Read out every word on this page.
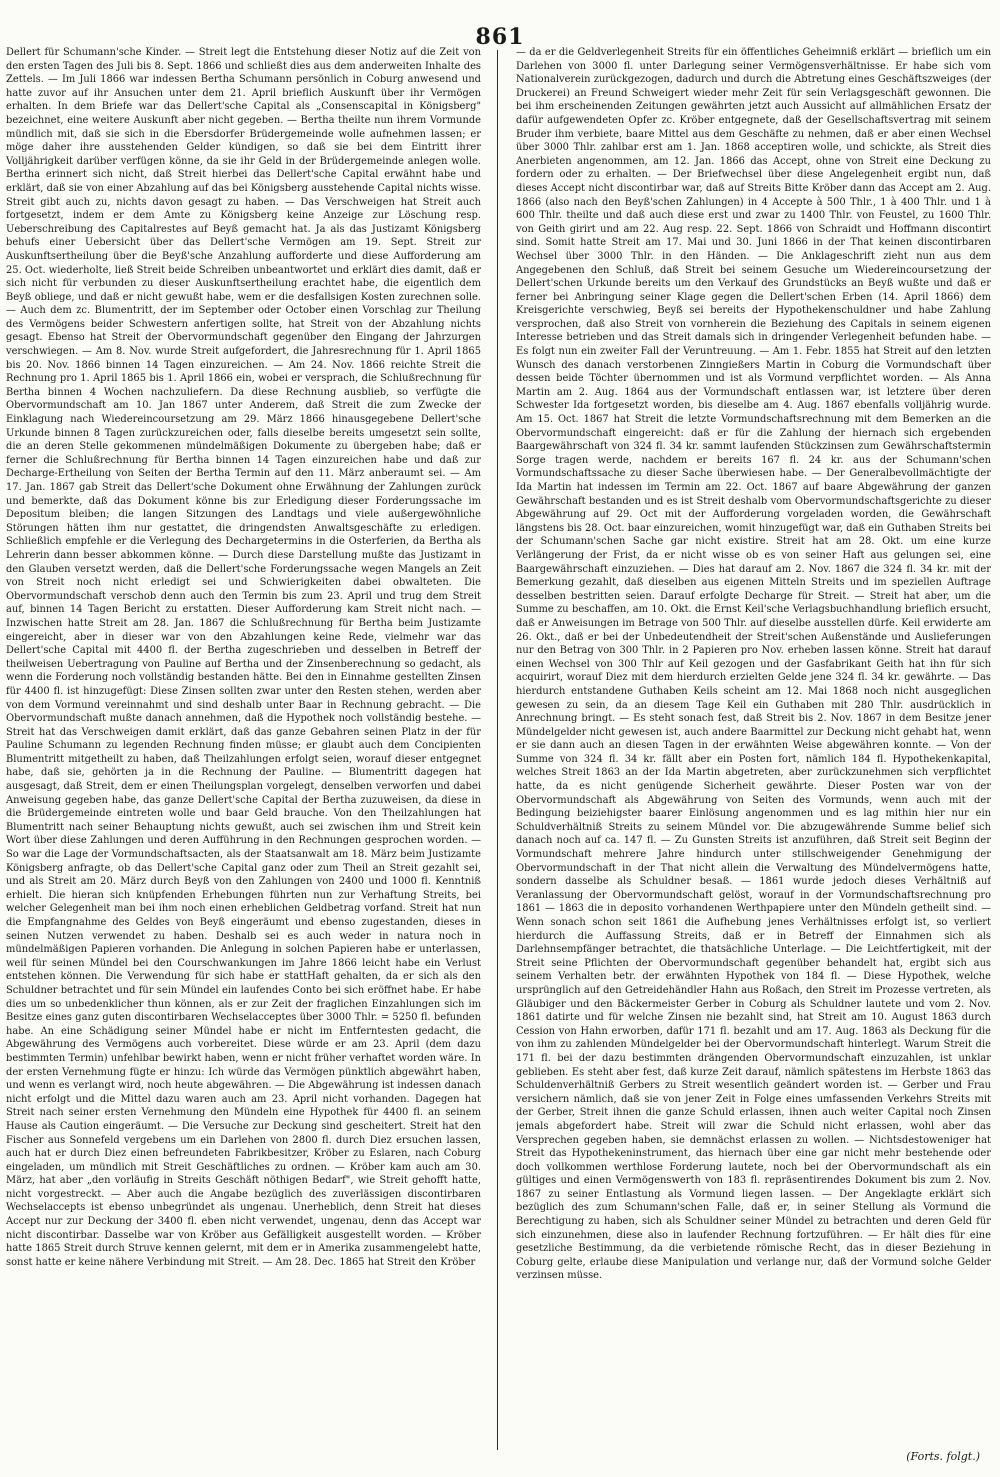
861

Dellert für Schumann'sche Kinder. — Streit legt die Entstehung dieser Notiz auf die Zeit von den ersten Tagen des Juli bis 8. Sept. 1866 und schließt dies aus dem anderweiten Inhalte des Zettels. — Im Juli 1866 war indessen Bertha Schumann persönlich in Coburg anwesend und hatte zuvor auf ihr Ansuchen unter dem 21. April brieflich Auskunft über ihr Vermögen erhalten. In dem Briefe war das Dellert'sche Capital als „Consenscapital in Königsberg" bezeichnet, eine weitere Auskunft aber nicht gegeben. — Bertha theilte nun ihrem Vormunde mündlich mit, daß sie sich in die Ebersdorfer Brüdergemeinde wolle aufnehmen lassen; er möge daher ihre ausstehenden Gelder kündigen, so daß sie bei dem Eintritt ihrer Volljährigkeit darüber verfügen könne, da sie ihr Geld in der Brüdergemeinde anlegen wolle. Bertha erinnert sich nicht, daß Streit hierbei das Dellert'sche Capital erwähnt habe und erklärt, daß sie von einer Abzahlung auf das bei Königsberg ausstehende Capital nichts wisse. Streit gibt auch zu, nichts davon gesagt zu haben. — Das Verschweigen hat Streit auch fortgesetzt, indem er dem Amte zu Königsberg keine Anzeige zur Löschung resp. Ueberschreibung des Capitalrestes auf Beyß gemacht hat. Ja als das Justizamt Königsberg behufs einer Uebersicht über das Dellert'sche Vermögen am 19. Sept. Streit zur Auskunftsertheilung über die Beyß'sche Anzahlung aufforderte und diese Aufforderung am 25. Oct. wiederholte, ließ Streit beide Schreiben unbeantwortet und erklärt dies damit, daß er sich nicht für verbunden zu dieser Auskunftsertheilung erachtet habe, die eigentlich dem Beyß obliege, und daß er nicht gewußt habe, wem er die desfallsigen Kosten zurechnen solle. — Auch dem zc. Blumentritt, der im September oder October einen Vorschlag zur Theilung des Vermögens beider Schwestern anfertigen sollte, hat Streit von der Abzahlung nichts gesagt. Ebenso hat Streit der Obervormundschaft gegenüber den Eingang der Jahrzurgen verschwiegen. — Am 8. Nov. wurde Streit aufgefordert, die Jahresrechnung für 1. April 1865 bis 20. Nov. 1866 binnen 14 Tagen einzureichen. — Am 24. Nov. 1866 reichte Streit die Rechnung pro 1. April 1865 bis 1. April 1866 ein, wobei er versprach, die Schlußrechnung für Bertha binnen 4 Wochen nachzuliefern. Da diese Rechnung ausblieb, so verfügte die Obervormundschaft am 10. Jan 1867 unter Anderem, daß Streit die zum Zwecke der Einklagung nach Wiedereincoursetzung am 29. März 1866 hinausgegebene Dellert'sche Urkunde binnen 8 Tagen zurückzureichen oder, falls dieselbe bereits umgesetzt sein sollte, die an deren Stelle gekommenen mündelmäßigen Dokumente zu übergeben habe; daß er ferner die Schlußrechnung für Bertha binnen 14 Tagen einzureichen habe und daß zur Decharge-Ertheilung von Seiten der Bertha Termin auf den 11. März anberaumt sei. — Am 17. Jan. 1867 gab Streit das Dellert'sche Dokument ohne Erwähnung der Zahlungen zurück und bemerkte, daß das Dokument könne bis zur Erledigung dieser Forderungssache im Depositum bleiben; die langen Sitzungen des Landtags und viele außergewöhnliche Störungen hätten ihm nur gestattet, die dringendsten Anwaltsgeschäfte zu erledigen. Schließlich empfehle er die Verlegung des Dechargetermins in die Osterferien, da Bertha als Lehrerin dann besser abkommen könne. — Durch diese Darstellung mußte das Justizamt in den Glauben versetzt werden, daß die Dellert'sche Forderungssache wegen Mangels an Zeit von Streit noch nicht erledigt sei und Schwierigkeiten dabei obwalteten. Die Obervormundschaft verschob denn auch den Termin bis zum 23. April und trug dem Streit auf, binnen 14 Tagen Bericht zu erstatten. Dieser Aufforderung kam Streit nicht nach. — Inzwischen hatte Streit am 28. Jan. 1867 die Schlußrechnung für Bertha beim Justizamte eingereicht, aber in dieser war von den Abzahlungen keine Rede, vielmehr war das Dellert'sche Capital mit 4400 fl. der Bertha zugeschrieben und desselben in Betreff der theilweisen Uebertragung von Pauline auf Bertha und der Zinsenberechnung so gedacht, als wenn die Forderung noch vollständig bestanden hätte. Bei den in Einnahme gestellten Zinsen für 4400 fl. ist hinzugefügt: Diese Zinsen sollten zwar unter den Resten stehen, werden aber von dem Vormund vereinnahmt und sind deshalb unter Baar in Rechnung gebracht. — Die Obervormundschaft mußte danach annehmen, daß die Hypothek noch vollständig bestehe. — Streit hat das Verschweigen damit erklärt, daß das ganze Gebahren seinen Platz in der für Pauline Schumann zu legenden Rechnung finden müsse; er glaubt auch dem Concipienten Blumentritt mitgetheilt zu haben, daß Theilzahlungen erfolgt seien, worauf dieser entgegnet habe, daß sie, gehörten ja in die Rechnung der Pauline. — Blumentritt dagegen hat ausgesagt, daß Streit, dem er einen Theilungsplan vorgelegt, denselben verworfen und dabei Anweisung gegeben habe, das ganze Dellert'sche Capital der Bertha zuzuweisen, da diese in die Brüdergemeinde eintreten wolle und baar Geld brauche. Von den Theilzahlungen hat Blumentritt nach seiner Behauptung nichts gewußt, auch sei zwischen ihm und Streit kein Wort über diese Zahlungen und deren Aufführung in den Rechnungen gesprochen worden. — So war die Lage der Vormundschaftsacten, als der Staatsanwalt am 18. März beim Justizamte Königsberg anfragte, ob das Dellert'sche Capital ganz oder zum Theil an Streit gezahlt sei, und als Streit am 20. März durch Beyß von den Zahlungen von 2400 und 1000 fl. Kenntniß erhielt. Die hieran sich knüpfenden Erhebungen führten nun zur Verhaftung Streits, bei welcher Gelegenheit man bei ihm noch einen erheblichen Geldbetrag vorfand. Streit hat nun die Empfangnahme des Geldes von Beyß eingeräumt und ebenso zugestanden, dieses in seinen Nutzen verwendet zu haben. Deshalb sei es auch weder in natura noch in mündelmäßigen Papieren vorhanden. Die Anlegung in solchen Papieren habe er unterlassen, weil für seinen Mündel bei den Courschwankungen im Jahre 1866 leicht habe ein Verlust entstehen können. Die Verwendung für sich habe er stattHaft gehalten, da er sich als den Schuldner betrachtet und für sein Mündel ein laufendes Conto bei sich eröffnet habe. Er habe dies um so unbedenklicher thun können, als er zur Zeit der fraglichen Einzahlungen sich im Besitze eines ganz guten discontirbaren Wechselacceptes über 3000 Thlr. = 5250 fl. befunden habe. An eine Schädigung seiner Mündel habe er nicht im Entferntesten gedacht, die Abgewährung des Vermögens auch vorbereitet. Diese würde er am 23. April (dem dazu bestimmten Termin) unfehlbar bewirkt haben, wenn er nicht früher verhaftet worden wäre. In der ersten Vernehmung fügte er hinzu: Ich würde das Vermögen pünktlich abgewährt haben, und wenn es verlangt wird, noch heute abgewähren. — Die Abgewährung ist indessen danach nicht erfolgt und die Mittel dazu waren auch am 23. April nicht vorhanden. Dagegen hat Streit nach seiner ersten Vernehmung den Mündeln eine Hypothek für 4400 fl. an seinem Hause als Caution eingeräumt. — Die Versuche zur Deckung sind gescheitert. Streit hat den Fischer aus Sonnefeld vergebens um ein Darlehen von 2800 fl. durch Diez ersuchen lassen, auch hat er durch Diez einen befreundeten Fabrikbesitzer, Kröber zu Eslaren, nach Coburg eingeladen, um mündlich mit Streit Geschäftliches zu ordnen. — Kröber kam auch am 30. März, hat aber „den vorläufig in Streits Geschäft nöthigen Bedarf", wie Streit gehofft hatte, nicht vorgestreckt. — Aber auch die Angabe bezüglich des zuverlässigen discontirbaren Wechselaccepts ist ebenso unbegründet als ungenau. Unerheblich, denn Streit hat dieses Accept nur zur Deckung der 3400 fl. eben nicht verwendet, ungenau, denn das Accept war nicht discontirbar. Dasselbe war von Kröber aus Gefälligkeit ausgestellt worden. — Kröber hatte 1865 Streit durch Struve kennen gelernt, mit dem er in Amerika zusammengelebt hatte, sonst hatte er keine nähere Verbindung mit Streit. — Am 28. Dec. 1865 hat Streit den Kröber

— da er die Geldverlegenheit Streits für ein öffentliches Geheimniß erklärt — brieflich um ein Darlehen von 3000 fl. unter Darlegung seiner Vermögensverhältnisse. Er habe sich vom Nationalverein zurückgezogen, dadurch und durch die Abtretung eines Geschäftszweiges (der Druckerei) an Freund Schweigert wieder mehr Zeit für sein Verlagsgeschäft gewonnen. Die bei ihm erscheinenden Zeitungen gewährten jetzt auch Aussicht auf allmählichen Ersatz der dafür aufgewendeten Opfer zc. Kröber entgegnete, daß der Gesellschaftsvertrag mit seinem Bruder ihm verbiete, baare Mittel aus dem Geschäfte zu nehmen, daß er aber einen Wechsel über 3000 Thlr. zahlbar erst am 1. Jan. 1868 acceptiren wolle, und schickte, als Streit dies Anerbieten angenommen, am 12. Jan. 1866 das Accept, ohne von Streit eine Deckung zu fordern oder zu erhalten. — Der Briefwechsel über diese Angelegenheit ergibt nun, daß dieses Accept nicht discontirbar war, daß auf Streits Bitte Kröber dann das Accept am 2. Aug. 1866 (also nach den Beyß'schen Zahlungen) in 4 Accepte à 500 Thlr., 1 à 400 Thlr. und 1 à 600 Thlr. theilte und daß auch diese erst und zwar zu 1400 Thlr. von Feustel, zu 1600 Thlr. von Geith girirt und am 22. Aug resp. 22. Sept. 1866 von Schraidt und Hoffmann discontirt sind. Somit hatte Streit am 17. Mai und 30. Juni 1866 in der That keinen discontirbaren Wechsel über 3000 Thlr. in den Händen. — Die Anklageschrift zieht nun aus dem Angegebenen den Schluß, daß Streit bei seinem Gesuche um Wiedereincoursetzung der Dellert'schen Urkunde bereits um den Verkauf des Grundstücks an Beyß wußte und daß er ferner bei Anbringung seiner Klage gegen die Dellert'schen Erben (14. April 1866) dem Kreisgerichte verschwieg, Beyß sei bereits der Hypothekenschuldner und habe Zahlung versprochen, daß also Streit von vornherein die Beziehung des Capitals in seinem eigenen Interesse betrieben und das Streit damals sich in dringender Verlegenheit befunden habe. — Es folgt nun ein zweiter Fall der Veruntreuung. — Am 1. Febr. 1855 hat Streit auf den letzten Wunsch des danach verstorbenen Zinngießers Martin in Coburg die Vormundschaft über dessen beide Töchter übernommen und ist als Vormund verpflichtet worden. — Als Anna Martin am 2. Aug. 1864 aus der Vormundschaft entlassen war, ist letztere über deren Schwester Ida fortgesetzt worden, bis dieselbe am 4. Aug. 1867 ebenfalls volljährig wurde. Am 15. Oct. 1867 hat Streit die letzte Vormundschaftsrechnung mit dem Bemerken an die Obervormundschaft eingereicht: daß er für die Zahlung der hiernach sich ergebenden Baargewährschaft von 324 fl. 34 kr. sammt laufenden Stückzinsen zum Gewährschaftstermin Sorge tragen werde, nachdem er bereits 167 fl. 24 kr. aus der Schumann'schen Vormundschaftssache zu dieser Sache überwiesen habe. — Der Generalbevollmächtigte der Ida Martin hat indessen im Termin am 22. Oct. 1867 auf baare Abgewährung der ganzen Gewährschaft bestanden und es ist Streit deshalb vom Obervormundschaftsgerichte zu dieser Abgewährung auf 29. Oct mit der Aufforderung vorgeladen worden, die Gewährschaft längstens bis 28. Oct. baar einzureichen, womit hinzugefügt war, daß ein Guthaben Streits bei der Schumann'schen Sache gar nicht existire. Streit hat am 28. Okt. um eine kurze Verlängerung der Frist, da er nicht wisse ob es von seiner Haft aus gelungen sei, eine Baargewährschaft einzuziehen. — Dies hat darauf am 2. Nov. 1867 die 324 fl. 34 kr. mit der Bemerkung gezahlt, daß dieselben aus eigenen Mitteln Streits und im speziellen Auftrage desselben bestritten seien. Darauf erfolgte Decharge für Streit. — Streit hat aber, um die Summe zu beschaffen, am 10. Okt. die Ernst Keil'sche Verlagsbuchhandlung brieflich ersucht, daß er Anweisungen im Betrage von 500 Thlr. auf dieselbe ausstellen dürfe. Keil erwiderte am 26. Okt., daß er bei der Unbedeutendheit der Streit'schen Außenstände und Auslieferungen nur den Betrag von 300 Thlr. in 2 Papieren pro Nov. erheben lassen könne. Streit hat darauf einen Wechsel von 300 Thlr auf Keil gezogen und der Gasfabrikant Geith hat ihn für sich acquirirt, worauf Diez mit dem hierdurch erzielten Gelde jene 324 fl. 34 kr. gewährte. — Das hierdurch entstandene Guthaben Keils scheint am 12. Mai 1868 noch nicht ausgeglichen gewesen zu sein, da an diesem Tage Keil ein Guthaben mit 280 Thlr. ausdrücklich in Anrechnung bringt. — Es steht sonach fest, daß Streit bis 2. Nov. 1867 in dem Besitze jener Mündelgelder nicht gewesen ist, auch andere Baarmittel zur Deckung nicht gehabt hat, wenn er sie dann auch an diesen Tagen in der erwähnten Weise abgewähren konnte. — Von der Summe von 324 fl. 34 kr. fällt aber ein Posten fort, nämlich 184 fl. Hypothekenkapital, welches Streit 1863 an der Ida Martin abgetreten, aber zurückzunehmen sich verpflichtet hatte, da es nicht genügende Sicherheit gewährte. Dieser Posten war von der Obervormundschaft als Abgewährung von Seiten des Vormunds, wenn auch mit der Bedingung beiziehigster baarer Einlösung angenommen und es lag mithin hier nur ein Schuldverhältniß Streits zu seinem Mündel vor. Die abzugewährende Summe belief sich danach noch auf ca. 147 fl. — Zu Gunsten Streits ist anzuführen, daß Streit seit Beginn der Vormundschaft mehrere Jahre hindurch unter stillschweigender Genehmigung der Obervormundschaft in der That nicht allein die Verwaltung des Mündelvermögens hatte, sondern dasselbe als Schuldner besaß. — 1861 wurde jedoch dieses Verhältniß auf Veranlassung der Obervormundschaft gelöst, worauf in der Vormundschaftsrechnung pro 1861 — 1863 die in deposito vorhandenen Werthpapiere unter den Mündeln getheilt sind. — Wenn sonach schon seit 1861 die Aufhebung jenes Verhältnisses erfolgt ist, so verliert hierdurch die Auffassung Streits, daß er in Betreff der Einnahmen sich als Darlehnsempfänger betrachtet, die thatsächliche Unterlage. — Die Leichtfertigkeit, mit der Streit seine Pflichten der Obervormundschaft gegenüber behandelt hat, ergibt sich aus seinem Verhalten betr. der erwähnten Hypothek von 184 fl. — Diese Hypothek, welche ursprünglich auf den Getreidehändler Hahn aus Roßach, den Streit im Prozesse vertreten, als Gläubiger und den Bäckermeister Gerber in Coburg als Schuldner lautete und vom 2. Nov. 1861 datirte und für welche Zinsen nie bezahlt sind, hat Streit am 10. August 1863 durch Cession von Hahn erworben, dafür 171 fl. bezahlt und am 17. Aug. 1863 als Deckung für die von ihm zu zahlenden Mündelgelder bei der Obervormundschaft hinterlegt. Warum Streit die 171 fl. bei der dazu bestimmten drängenden Obervormundschaft einzuzahlen, ist unklar geblieben. Es steht aber fest, daß kurze Zeit darauf, nämlich spätestens im Herbste 1863 das Schuldenverhältniß Gerbers zu Streit wesentlich geändert worden ist. — Gerber und Frau versichern nämlich, daß sie von jener Zeit in Folge eines umfassenden Verkehrs Streits mit der Gerber, Streit ihnen die ganze Schuld erlassen, ihnen auch weiter Capital noch Zinsen jemals abgefordert habe. Streit will zwar die Schuld nicht erlassen, wohl aber das Versprechen gegeben haben, sie demnächst erlassen zu wollen. — Nichtsdestoweniger hat Streit das Hypothekeninstrument, das hiernach über eine gar nicht mehr bestehende oder doch vollkommen werthlose Forderung lautete, noch bei der Obervormundschaft als ein gültiges und einen Vermögenswerth von 183 fl. repräsentirendes Dokument bis zum 2. Nov. 1867 zu seiner Entlastung als Vormund liegen lassen. — Der Angeklagte erklärt sich bezüglich des zum Schumann'schen Falle, daß er, in seiner Stellung als Vormund die Berechtigung zu haben, sich als Schuldner seiner Mündel zu betrachten und deren Geld für sich einzunehmen, diese also in laufender Rechnung fortzuführen. — Er hält dies für eine gesetzliche Bestimmung, da die verbietende römische Recht, das in dieser Beziehung in Coburg gelte, erlaube diese Manipulation und verlange nur, daß der Vormund solche Gelder verzinsen müsse.

(Forts. folgt.)
